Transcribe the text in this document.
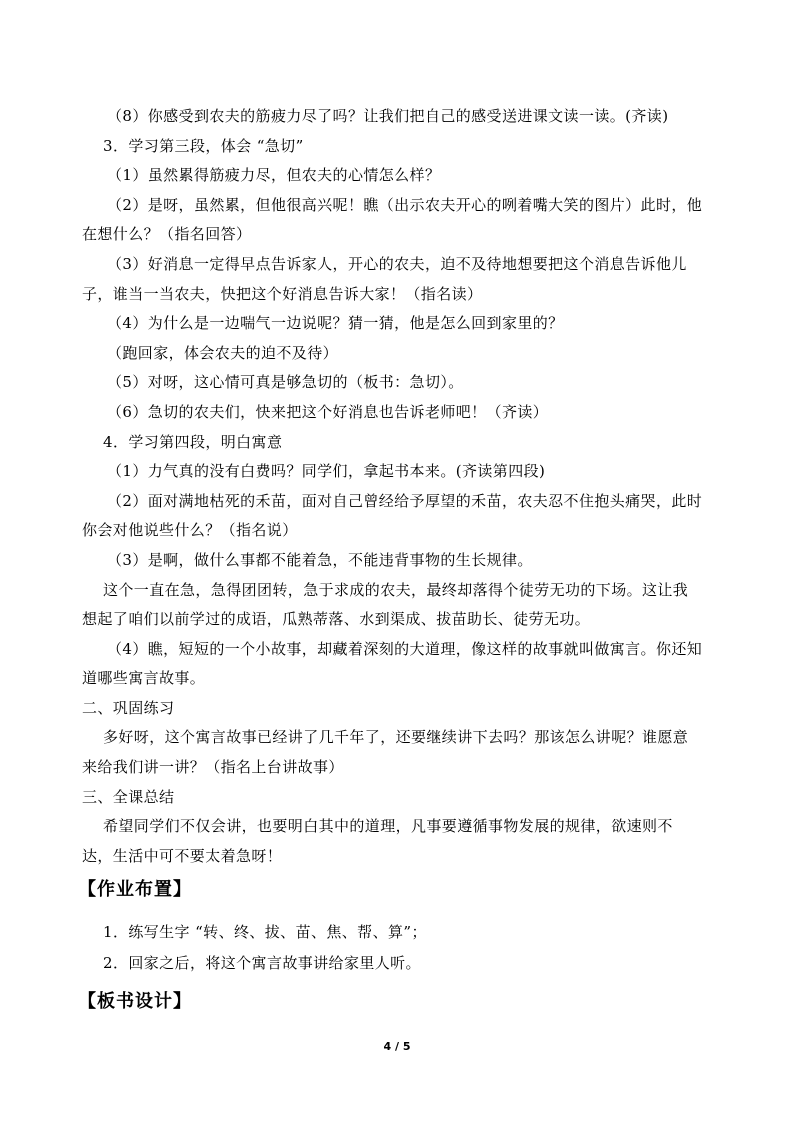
（8）你感受到农夫的筋疲力尽了吗？让我们把自己的感受送进课文读一读。(齐读)
3．学习第三段，体会 “急切”
（1）虽然累得筋疲力尽，但农夫的心情怎么样？
（2）是呀，虽然累，但他很高兴呢！瞧（出示农夫开心的咧着嘴大笑的图片）此时，他
在想什么？（指名回答）
（3）好消息一定得早点告诉家人，开心的农夫，迫不及待地想要把这个消息告诉他儿
子，谁当一当农夫，快把这个好消息告诉大家！（指名读）
（4）为什么是一边喘气一边说呢？猜一猜，他是怎么回到家里的？
（跑回家，体会农夫的迫不及待）
（5）对呀，这心情可真是够急切的（板书：急切）。
（6）急切的农夫们，快来把这个好消息也告诉老师吧！（齐读）
4．学习第四段，明白寓意
（1）力气真的没有白费吗？同学们，拿起书本来。(齐读第四段)
（2）面对满地枯死的禾苗，面对自己曾经给予厚望的禾苗，农夫忍不住抱头痛哭，此时
你会对他说些什么？（指名说）
（3）是啊，做什么事都不能着急，不能违背事物的生长规律。
这个一直在急，急得团团转，急于求成的农夫，最终却落得个徒劳无功的下场。这让我
想起了咱们以前学过的成语，瓜熟蒂落、水到渠成、拔苗助长、徒劳无功。
（4）瞧，短短的一个小故事，却藏着深刻的大道理，像这样的故事就叫做寓言。你还知
道哪些寓言故事。
二、巩固练习
多好呀，这个寓言故事已经讲了几千年了，还要继续讲下去吗？那该怎么讲呢？谁愿意
来给我们讲一讲？（指名上台讲故事）
三、全课总结
希望同学们不仅会讲，也要明白其中的道理，凡事要遵循事物发展的规律，欲速则不
达，生活中可不要太着急呀！
【作业布置】
1．练写生字 “转、终、拔、苗、焦、帮、算”；
2．回家之后，将这个寓言故事讲给家里人听。
【板书设计】
4 / 5
